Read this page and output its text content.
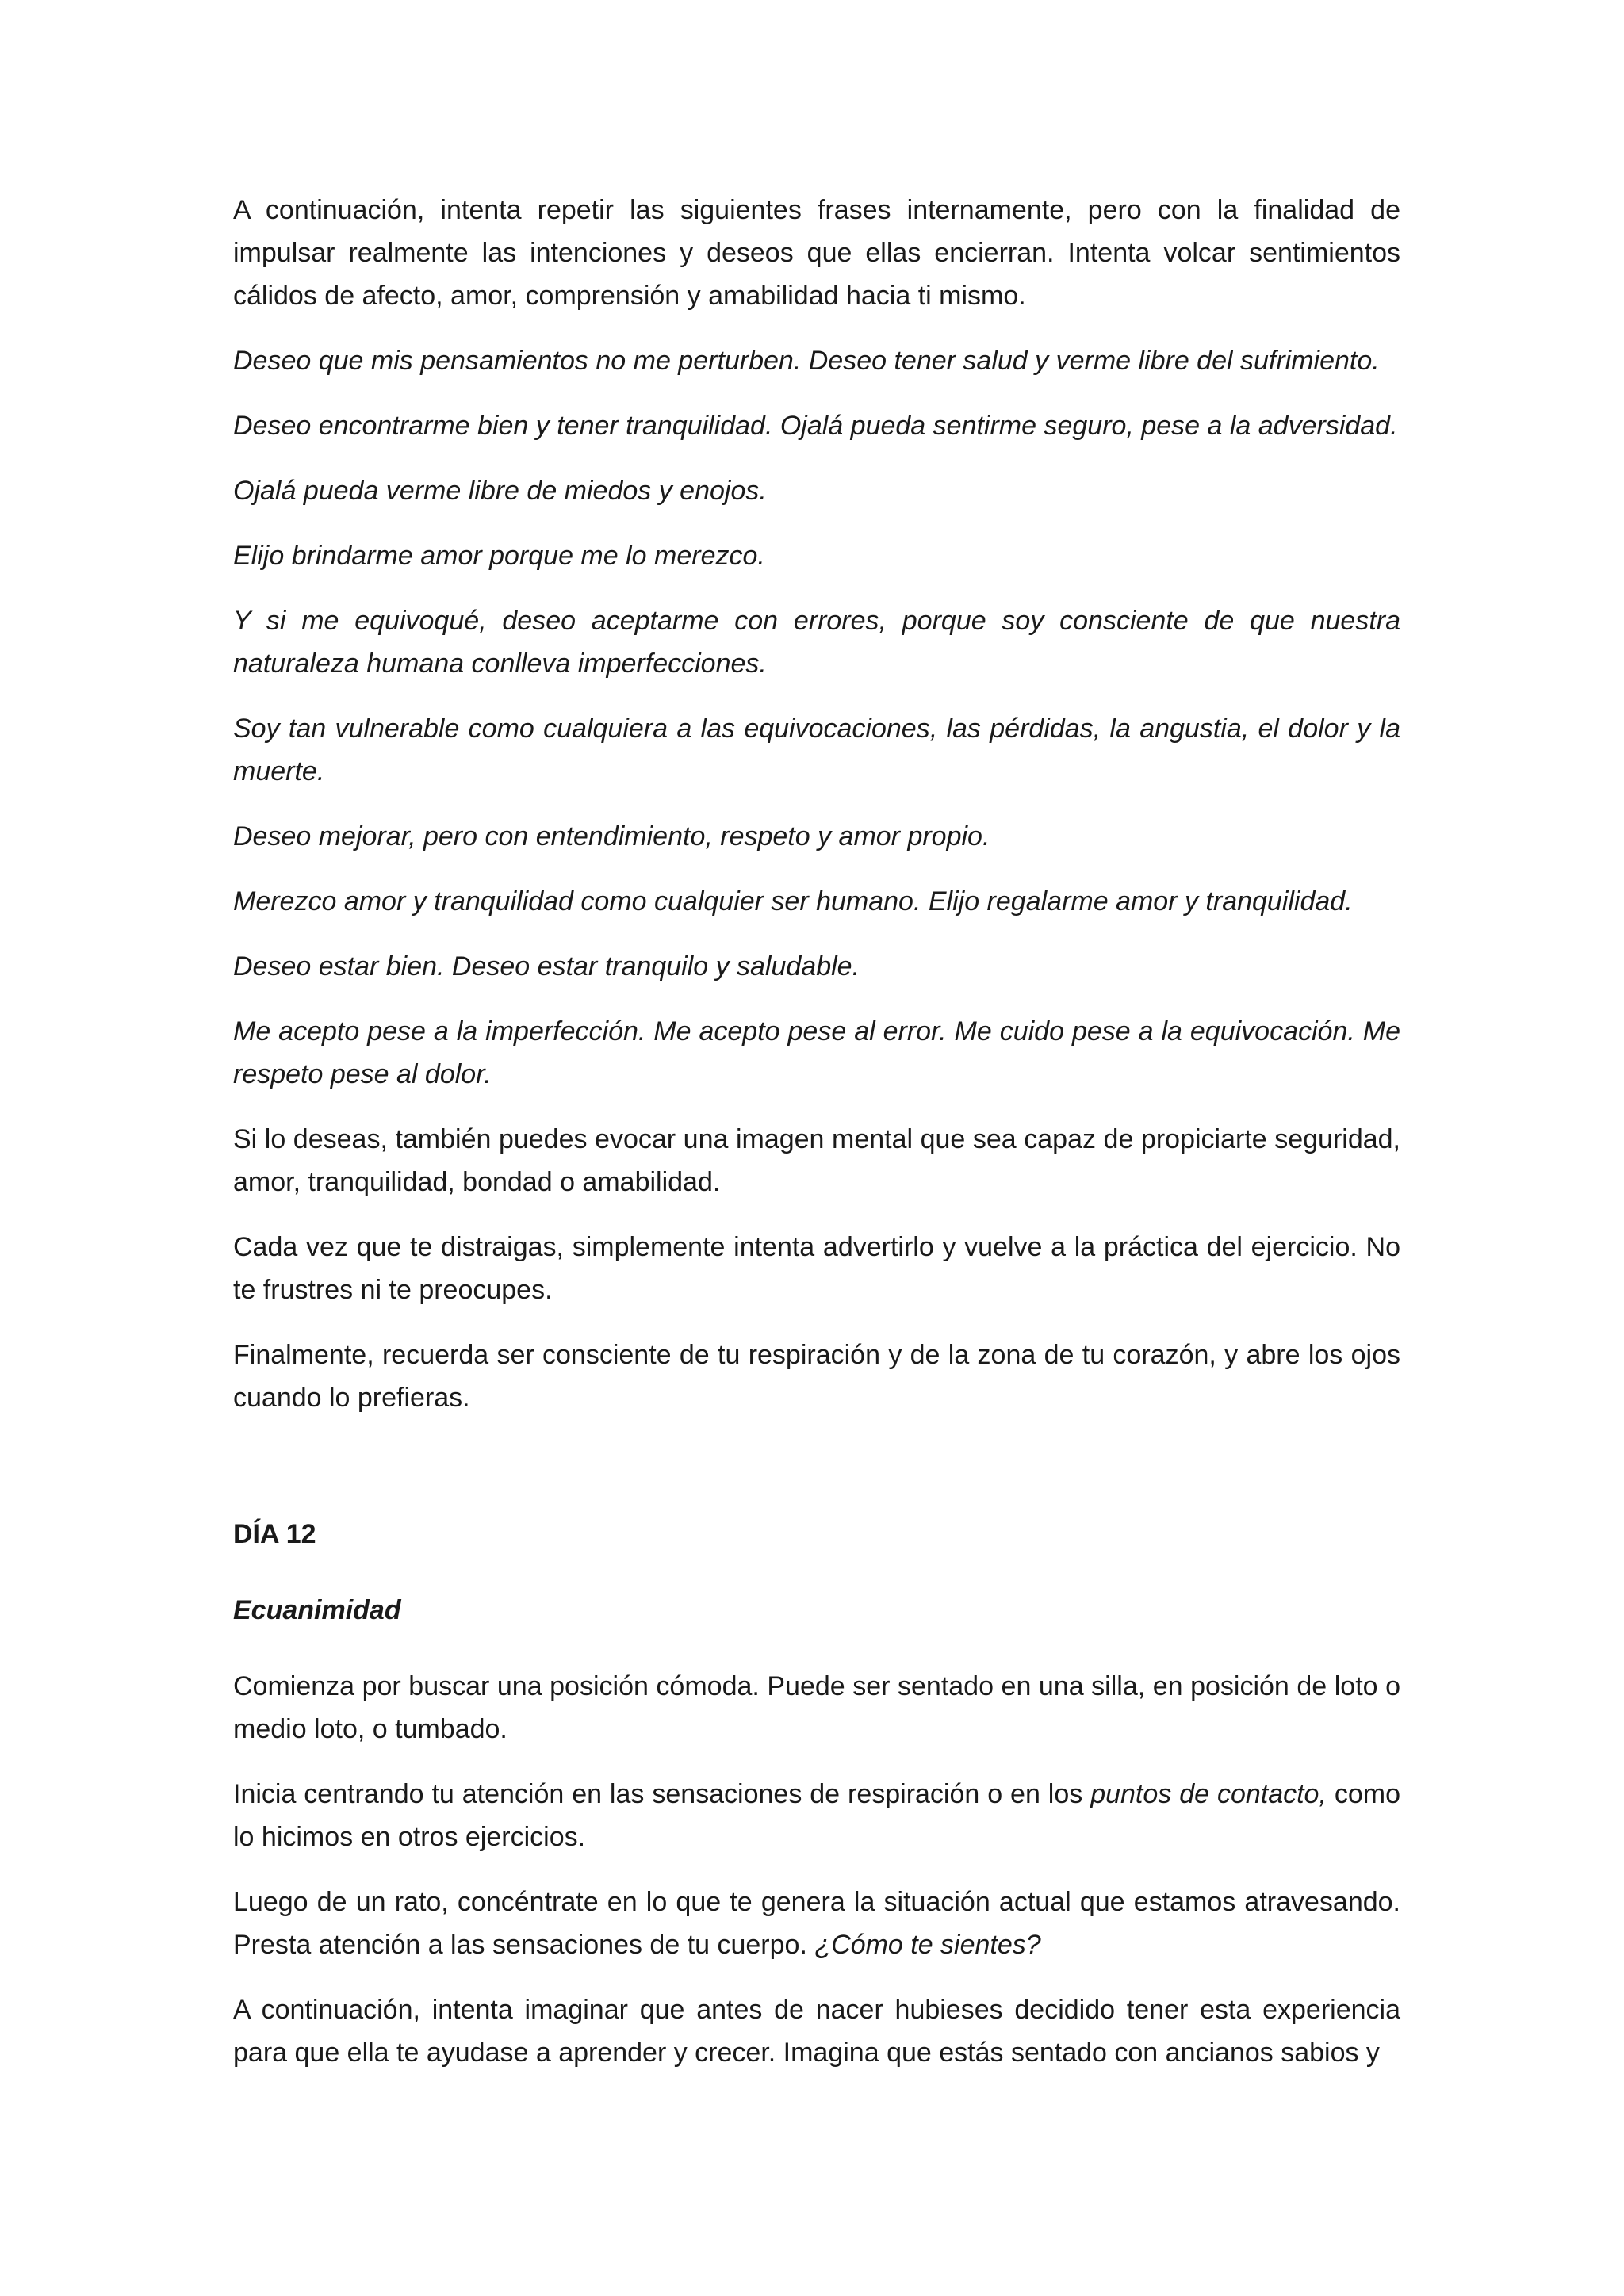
A continuación, intenta repetir las siguientes frases internamente, pero con la finalidad de impulsar realmente las intenciones y deseos que ellas encierran. Intenta volcar sentimientos cálidos de afecto, amor, comprensión y amabilidad hacia ti mismo.

Deseo que mis pensamientos no me perturben. Deseo tener salud y verme libre del sufrimiento.

Deseo encontrarme bien y tener tranquilidad. Ojalá pueda sentirme seguro, pese a la adversidad.

Ojalá pueda verme libre de miedos y enojos.

Elijo brindarme amor porque me lo merezco.

Y si me equivoqué, deseo aceptarme con errores, porque soy consciente de que nuestra naturaleza humana conlleva imperfecciones.

Soy tan vulnerable como cualquiera a las equivocaciones, las pérdidas, la angustia, el dolor y la muerte.

Deseo mejorar, pero con entendimiento, respeto y amor propio.

Merezco amor y tranquilidad como cualquier ser humano. Elijo regalarme amor y tranquilidad.

Deseo estar bien. Deseo estar tranquilo y saludable.

Me acepto pese a la imperfección. Me acepto pese al error. Me cuido pese a la equivocación. Me respeto pese al dolor.

Si lo deseas, también puedes evocar una imagen mental que sea capaz de propiciarte seguridad, amor, tranquilidad, bondad o amabilidad.

Cada vez que te distraigas, simplemente intenta advertirlo y vuelve a la práctica del ejercicio. No te frustres ni te preocupes.

Finalmente, recuerda ser consciente de tu respiración y de la zona de tu corazón, y abre los ojos cuando lo prefieras.

DÍA 12
Ecuanimidad

Comienza por buscar una posición cómoda. Puede ser sentado en una silla, en posición de loto o medio loto, o tumbado.

Inicia centrando tu atención en las sensaciones de respiración o en los puntos de contacto, como lo hicimos en otros ejercicios.

Luego de un rato, concéntrate en lo que te genera la situación actual que estamos atravesando. Presta atención a las sensaciones de tu cuerpo. ¿Cómo te sientes?

A continuación, intenta imaginar que antes de nacer hubieses decidido tener esta experiencia para que ella te ayudase a aprender y crecer. Imagina que estás sentado con ancianos sabios y
